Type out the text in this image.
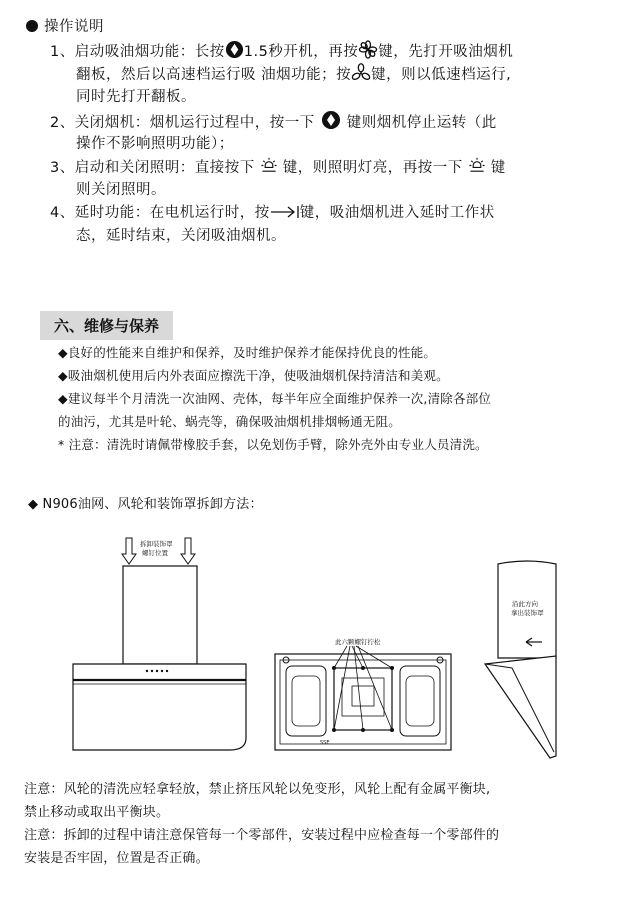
操作说明
1、启动吸油烟功能：长按 1.5秒开机，再按 键，先打开吸油烟机
翻板，然后以高速档运行吸 油烟功能；按 键，则以低速档运行,
同时先打开翻板。
2、关闭烟机：烟机运行过程中，按一下 键则烟机停止运转（此
操作不影响照明功能）；
3、启动和关闭照明：直接按下 键，则照明灯亮，再按一下 键
则关闭照明。
4、延时功能：在电机运行时，按 键，吸油烟机进入延时工作状
态，延时结束，关闭吸油烟机。
六、维修与保养
◆良好的性能来自维护和保养，及时维护保养才能保持优良的性能。
◆吸油烟机使用后内外表面应擦洗干净，使吸油烟机保持清洁和美观。
◆建议每半个月清洗一次油网、壳体，每半年应全面维护保养一次,清除各部位
的油污，尤其是叶轮、蜗壳等，确保吸油烟机排烟畅通无阻。
* 注意：清洗时请佩带橡胶手套，以免划伤手臂，除外壳外由专业人员清洗。
◆ N906油网、风轮和装饰罩拆卸方法：
拆卸装饰罩
螺钉位置
SSE
此六颗螺钉拧松
沿此方向
拿出装饰罩
注意：风轮的清洗应轻拿轻放，禁止挤压风轮以免变形，风轮上配有金属平衡块,
禁止移动或取出平衡块。
注意：拆卸的过程中请注意保管每一个零部件，安装过程中应检查每一个零部件的
安装是否牢固，位置是否正确。
